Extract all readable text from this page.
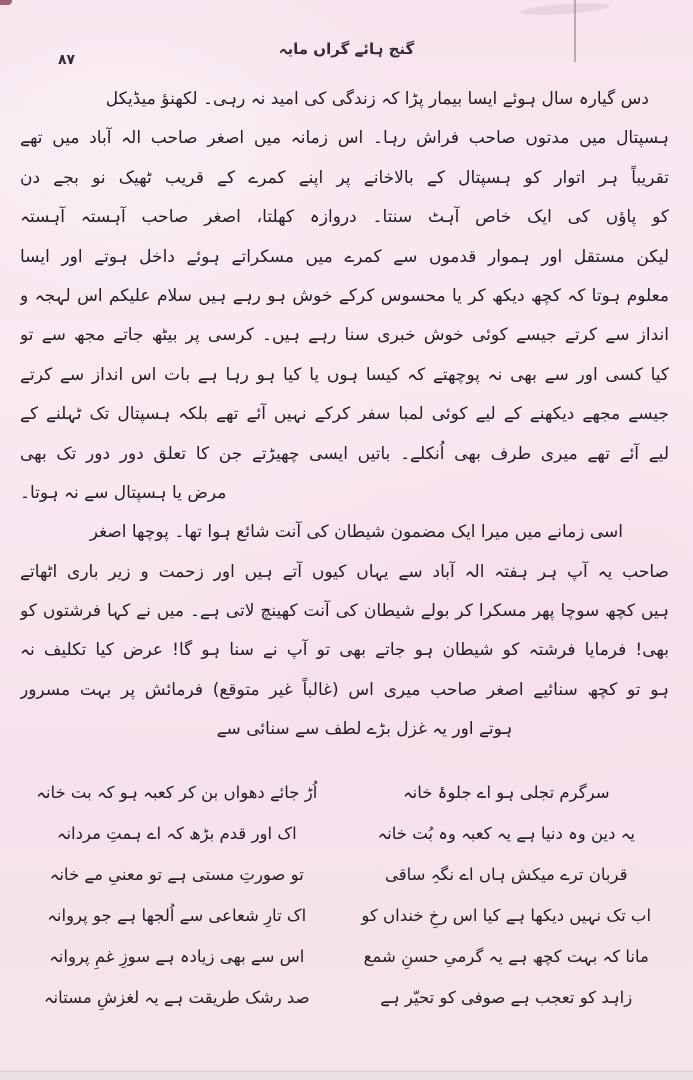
گنج ہائے گراں مایہ
۸۷
دس گیارہ سال ہوئے ایسا بیمار پڑا کہ زندگی کی امید نہ رہی۔ لکھنؤ میڈیکل
ہسپتال میں مدتوں صاحب فراش رہا۔ اس زمانہ میں اصغر صاحب الہ آباد میں تھے
تقریباً ہر اتوار کو ہسپتال کے بالاخانے پر اپنے کمرے کے قریب ٹھیک نو بجے دن
کو پاؤں کی ایک خاص آہٹ سنتا۔ دروازہ کھلتا، اصغر صاحب آہستہ آہستہ
لیکن مستقل اور ہموار قدموں سے کمرے میں مسکراتے ہوئے داخل ہوتے اور ایسا
معلوم ہوتا کہ کچھ دیکھ کر یا محسوس کرکے خوش ہو رہے ہیں سلام علیکم اس لہجہ و
انداز سے کرتے جیسے کوئی خوش خبری سنا رہے ہیں۔ کرسی پر بیٹھ جاتے مجھ سے تو
کیا کسی اور سے بھی نہ پوچھتے کہ کیسا ہوں یا کیا ہو رہا ہے بات اس انداز سے کرتے
جیسے مجھے دیکھنے کے لیے کوئی لمبا سفر کرکے نہیں آئے تھے بلکہ ہسپتال تک ٹہلنے کے
لیے آئے تھے میری طرف بھی اُنکلے۔ باتیں ایسی چھیڑتے جن کا تعلق دور دور تک بھی
مرض یا ہسپتال سے نہ ہوتا۔
اسی زمانے میں میرا ایک مضمون شیطان کی آنت شائع ہوا تھا۔ پوچھا اصغر
صاحب یہ آپ ہر ہفتہ الہ آباد سے یہاں کیوں آتے ہیں اور زحمت و زیر باری اٹھاتے
ہیں کچھ سوچا پھر مسکرا کر بولے شیطان کی آنت کھینچ لاتی ہے۔ میں نے کہا فرشتوں کو
بھی! فرمایا فرشتہ کو شیطان ہو جاتے بھی تو آپ نے سنا ہو گا! عرض کیا تکلیف نہ
ہو تو کچھ سنائیے اصغر صاحب میری اس (غالباً غیر متوقع) فرمائش پر بہت مسرور
ہوتے اور یہ غزل بڑے لطف سے سنائی سے
سرگرم تجلی ہو اے جلوۂ خانہ
اُڑ جائے دھواں بن کر کعبہ ہو کہ بت خانہ
یہ دین وہ دنیا ہے یہ کعبہ وہ بُت خانہ
اک اور قدم بڑھ کہ اے ہمتِ مردانہ
قربان ترے میکش ہاں اے نگہِ ساقی
تو صورتِ مستی ہے تو معنیِ مے خانہ
اب تک نہیں دیکھا ہے کیا اس رخِ خنداں کو
اک تارِ شعاعی سے اُلجھا ہے جو پروانہ
مانا کہ بہت کچھ ہے یہ گرمیِ حسنِ شمع
اس سے بھی زیادہ ہے سوزِ غمِ پروانہ
زاہد کو تعجب ہے صوفی کو تحیّر ہے
صد رشک طریقت ہے یہ لغزشِ مستانہ
